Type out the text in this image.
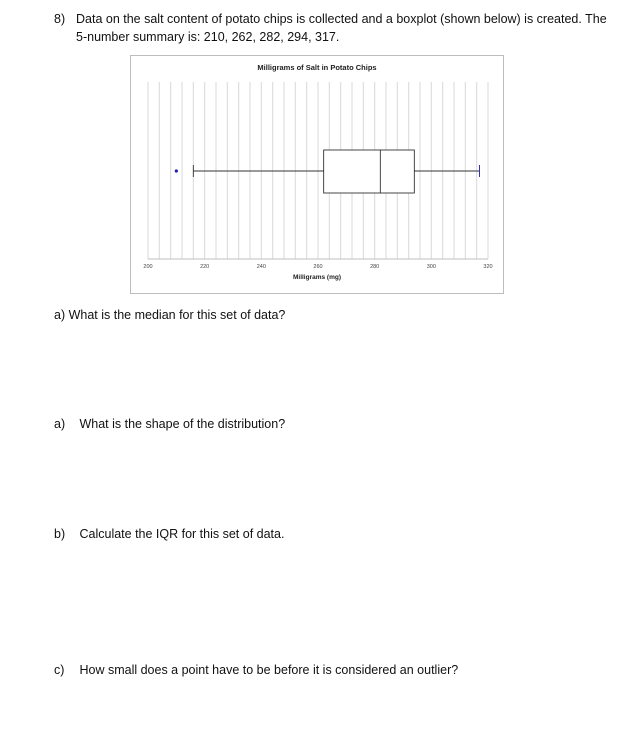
8) Data on the salt content of potato chips is collected and a boxplot (shown below) is created. The 5-number summary is: 210, 262, 282, 294, 317.
Milligrams of Salt in Potato Chips
200	220	240	260	280	300	320
Milligrams (mg)
a) What is the median for this set of data?
a) What is the shape of the distribution?
b) Calculate the IQR for this set of data.
c) How small does a point have to be before it is considered an outlier?
